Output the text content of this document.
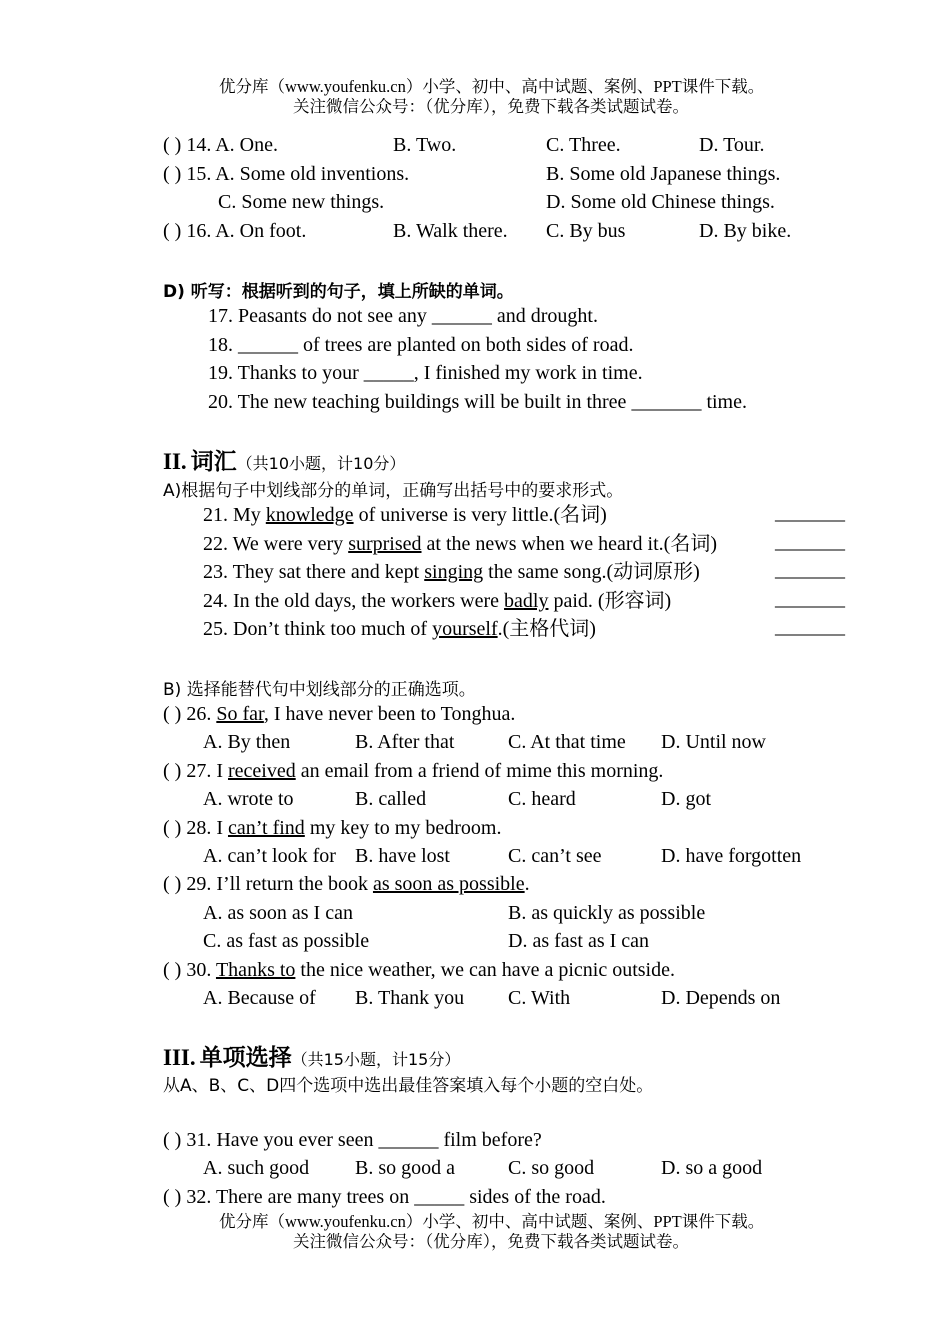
优分库（www.youfenku.cn）小学、初中、高中试题、案例、PPT课件下载。
关注微信公众号：（优分库），免费下载各类试题试卷。
( ) 14. A. One.	B. Two.	C. Three.	D. Tour.
( ) 15. A. Some old inventions.	B. Some old Japanese things.
C. Some new things.	D. Some old Chinese things.
( ) 16. A. On foot.	B. Walk there. C. By bus	D. By bike.
D) 听写：根据听到的句子，填上所缺的单词。
17. Peasants do not see any ______ and drought.
18. ______ of trees are planted on both sides of road.
19. Thanks to your _____, I finished my work in time.
20. The new teaching buildings will be built in three _______ time.
II. 词汇（共10小题，计10分）
A)根据句子中划线部分的单词，正确写出括号中的要求形式。
21. My knowledge of universe is very little.(名词)	_______
22. We were very surprised at the news when we heard it.(名词)	_______
23. They sat there and kept singing the same song.(动词原形)	_______
24. In the old days, the workers were badly paid. (形容词)	_______
25. Don’t think too much of yourself.(主格代词)	_______
B) 选择能替代句中划线部分的正确选项。
( ) 26. So far, I have never been to Tonghua.
A. By then	B. After that	C. At that time D. Until now
( ) 27. I received an email from a friend of mime this morning.
A. wrote to	B. called	C. heard	D. got
( ) 28. I can’t find my key to my bedroom.
A. can’t look for B. have lost	C. can’t see	D. have forgotten
( ) 29. I’ll return the book as soon as possible.
A. as soon as I can	B. as quickly as possible
C. as fast as possible	D. as fast as I can
( ) 30. Thanks to the nice weather, we can have a picnic outside.
A. Because of B. Thank you C. With	D. Depends on
III. 单项选择（共15小题，计15分）
从A、B、C、D四个选项中选出最佳答案填入每个小题的空白处。
( ) 31. Have you ever seen ______ film before?
A. such good B. so good a	C. so good	D. so a good
( ) 32. There are many trees on _____ sides of the road.
优分库（www.youfenku.cn）小学、初中、高中试题、案例、PPT课件下载。
关注微信公众号：（优分库），免费下载各类试题试卷。
